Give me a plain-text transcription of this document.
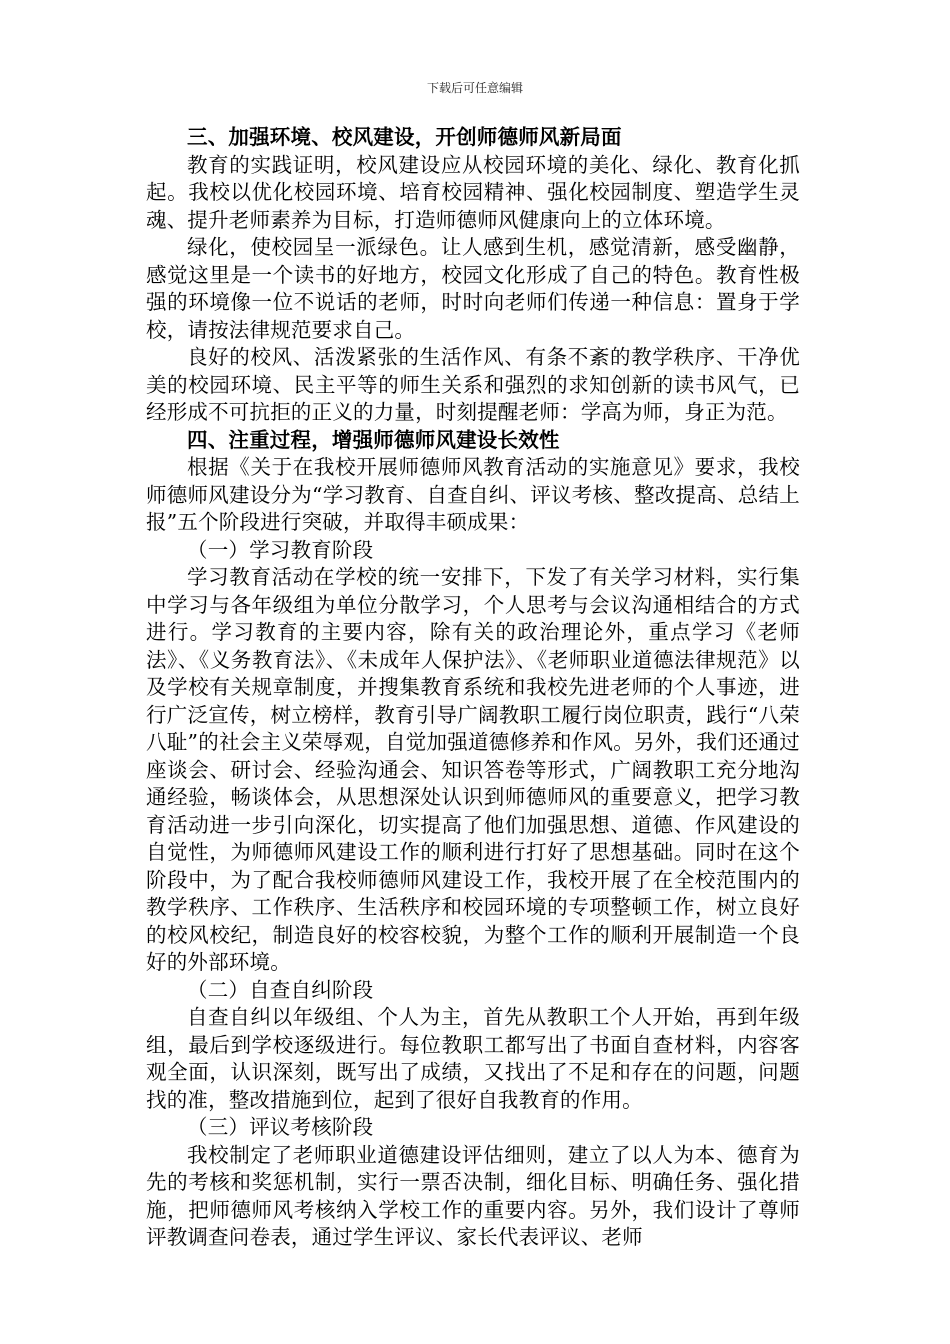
下载后可任意编辑

三、加强环境、校风建设，开创师德师风新局面

教育的实践证明，校风建设应从校园环境的美化、绿化、教育化抓起。我校以优化校园环境、培育校园精神、强化校园制度、塑造学生灵魂、提升老师素养为目标，打造师德师风健康向上的立体环境。

绿化，使校园呈一派绿色。让人感到生机，感觉清新，感受幽静，感觉这里是一个读书的好地方，校园文化形成了自己的特色。教育性极强的环境像一位不说话的老师，时时向老师们传递一种信息：置身于学校，请按法律规范要求自己。

良好的校风、活泼紧张的生活作风、有条不紊的教学秩序、干净优美的校园环境、民主平等的师生关系和强烈的求知创新的读书风气，已经形成不可抗拒的正义的力量，时刻提醒老师：学高为师，身正为范。

四、注重过程，增强师德师风建设长效性

根据《关于在我校开展师德师风教育活动的实施意见》要求，我校师德师风建设分为“学习教育、自查自纠、评议考核、整改提高、总结上报”五个阶段进行突破，并取得丰硕成果：

（一）学习教育阶段

学习教育活动在学校的统一安排下，下发了有关学习材料，实行集中学习与各年级组为单位分散学习，个人思考与会议沟通相结合的方式进行。学习教育的主要内容，除有关的政治理论外，重点学习《老师法》、《义务教育法》、《未成年人保护法》、《老师职业道德法律规范》以及学校有关规章制度，并搜集教育系统和我校先进老师的个人事迹，进行广泛宣传，树立榜样，教育引导广阔教职工履行岗位职责，践行“八荣八耻”的社会主义荣辱观，自觉加强道德修养和作风。另外，我们还通过座谈会、研讨会、经验沟通会、知识答卷等形式，广阔教职工充分地沟通经验，畅谈体会，从思想深处认识到师德师风的重要意义，把学习教育活动进一步引向深化，切实提高了他们加强思想、道德、作风建设的自觉性，为师德师风建设工作的顺利进行打好了思想基础。同时在这个阶段中，为了配合我校师德师风建设工作，我校开展了在全校范围内的教学秩序、工作秩序、生活秩序和校园环境的专项整顿工作，树立良好的校风校纪，制造良好的校容校貌，为整个工作的顺利开展制造一个良好的外部环境。

（二）自查自纠阶段

自查自纠以年级组、个人为主，首先从教职工个人开始，再到年级组，最后到学校逐级进行。每位教职工都写出了书面自查材料，内容客观全面，认识深刻，既写出了成绩，又找出了不足和存在的问题，问题找的准，整改措施到位，起到了很好自我教育的作用。

（三）评议考核阶段

我校制定了老师职业道德建设评估细则，建立了以人为本、德育为先的考核和奖惩机制，实行一票否决制，细化目标、明确任务、强化措施，把师德师风考核纳入学校工作的重要内容。另外，我们设计了尊师评教调查问卷表，通过学生评议、家长代表评议、老师
